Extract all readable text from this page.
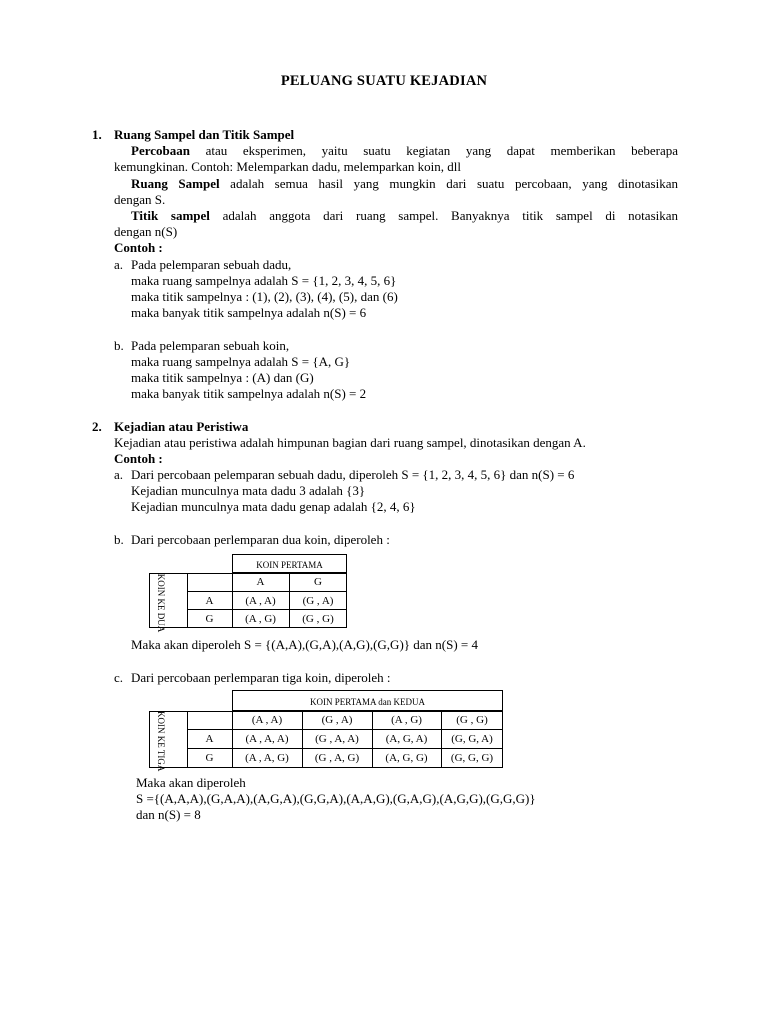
PELUANG SUATU KEJADIAN
1. Ruang Sampel dan Titik Sampel
Percobaan atau eksperimen, yaitu suatu kegiatan yang dapat memberikan beberapa
kemungkinan. Contoh: Melemparkan dadu, melemparkan koin, dll
Ruang Sampel adalah semua hasil yang mungkin dari suatu percobaan, yang dinotasikan
dengan S.
Titik sampel adalah anggota dari ruang sampel. Banyaknya titik sampel di notasikan
dengan n(S)
Contoh :
a. Pada pelemparan sebuah dadu,
maka ruang sampelnya adalah S = {1, 2, 3, 4, 5, 6}
maka titik sampelnya : (1), (2), (3), (4), (5), dan (6)
maka banyak titik sampelnya adalah n(S) = 6
b. Pada pelemparan sebuah koin,
maka ruang sampelnya adalah S = {A, G}
maka titik sampelnya : (A) dan (G)
maka banyak titik sampelnya adalah n(S) = 2
2. Kejadian atau Peristiwa
Kejadian atau peristiwa adalah himpunan bagian dari ruang sampel, dinotasikan dengan A.
Contoh :
a. Dari percobaan pelemparan sebuah dadu, diperoleh S = {1, 2, 3, 4, 5, 6} dan n(S) = 6
Kejadian munculnya mata dadu 3 adalah {3}
Kejadian munculnya mata dadu genap adalah {2, 4, 6}
b. Dari percobaan perlemparan dua koin, diperoleh :
KOIN PERTAMA
KOIN KE DUA	A	G
A	(A , A)	(G , A)
G	(A , G)	(G , G)
Maka akan diperoleh S = {(A,A),(G,A),(A,G),(G,G)} dan n(S) = 4
c. Dari percobaan perlemparan tiga koin, diperoleh :
KOIN PERTAMA dan KEDUA
KOIN KE TIGA	(A , A)	(G , A)	(A , G)	(G , G)
A	(A , A, A)	(G , A, A)	(A, G, A)	(G, G, A)
G	(A , A, G)	(G , A, G)	(A, G, G)	(G, G, G)
Maka akan diperoleh
S ={(A,A,A),(G,A,A),(A,G,A),(G,G,A),(A,A,G),(G,A,G),(A,G,G),(G,G,G)}
dan n(S) = 8
